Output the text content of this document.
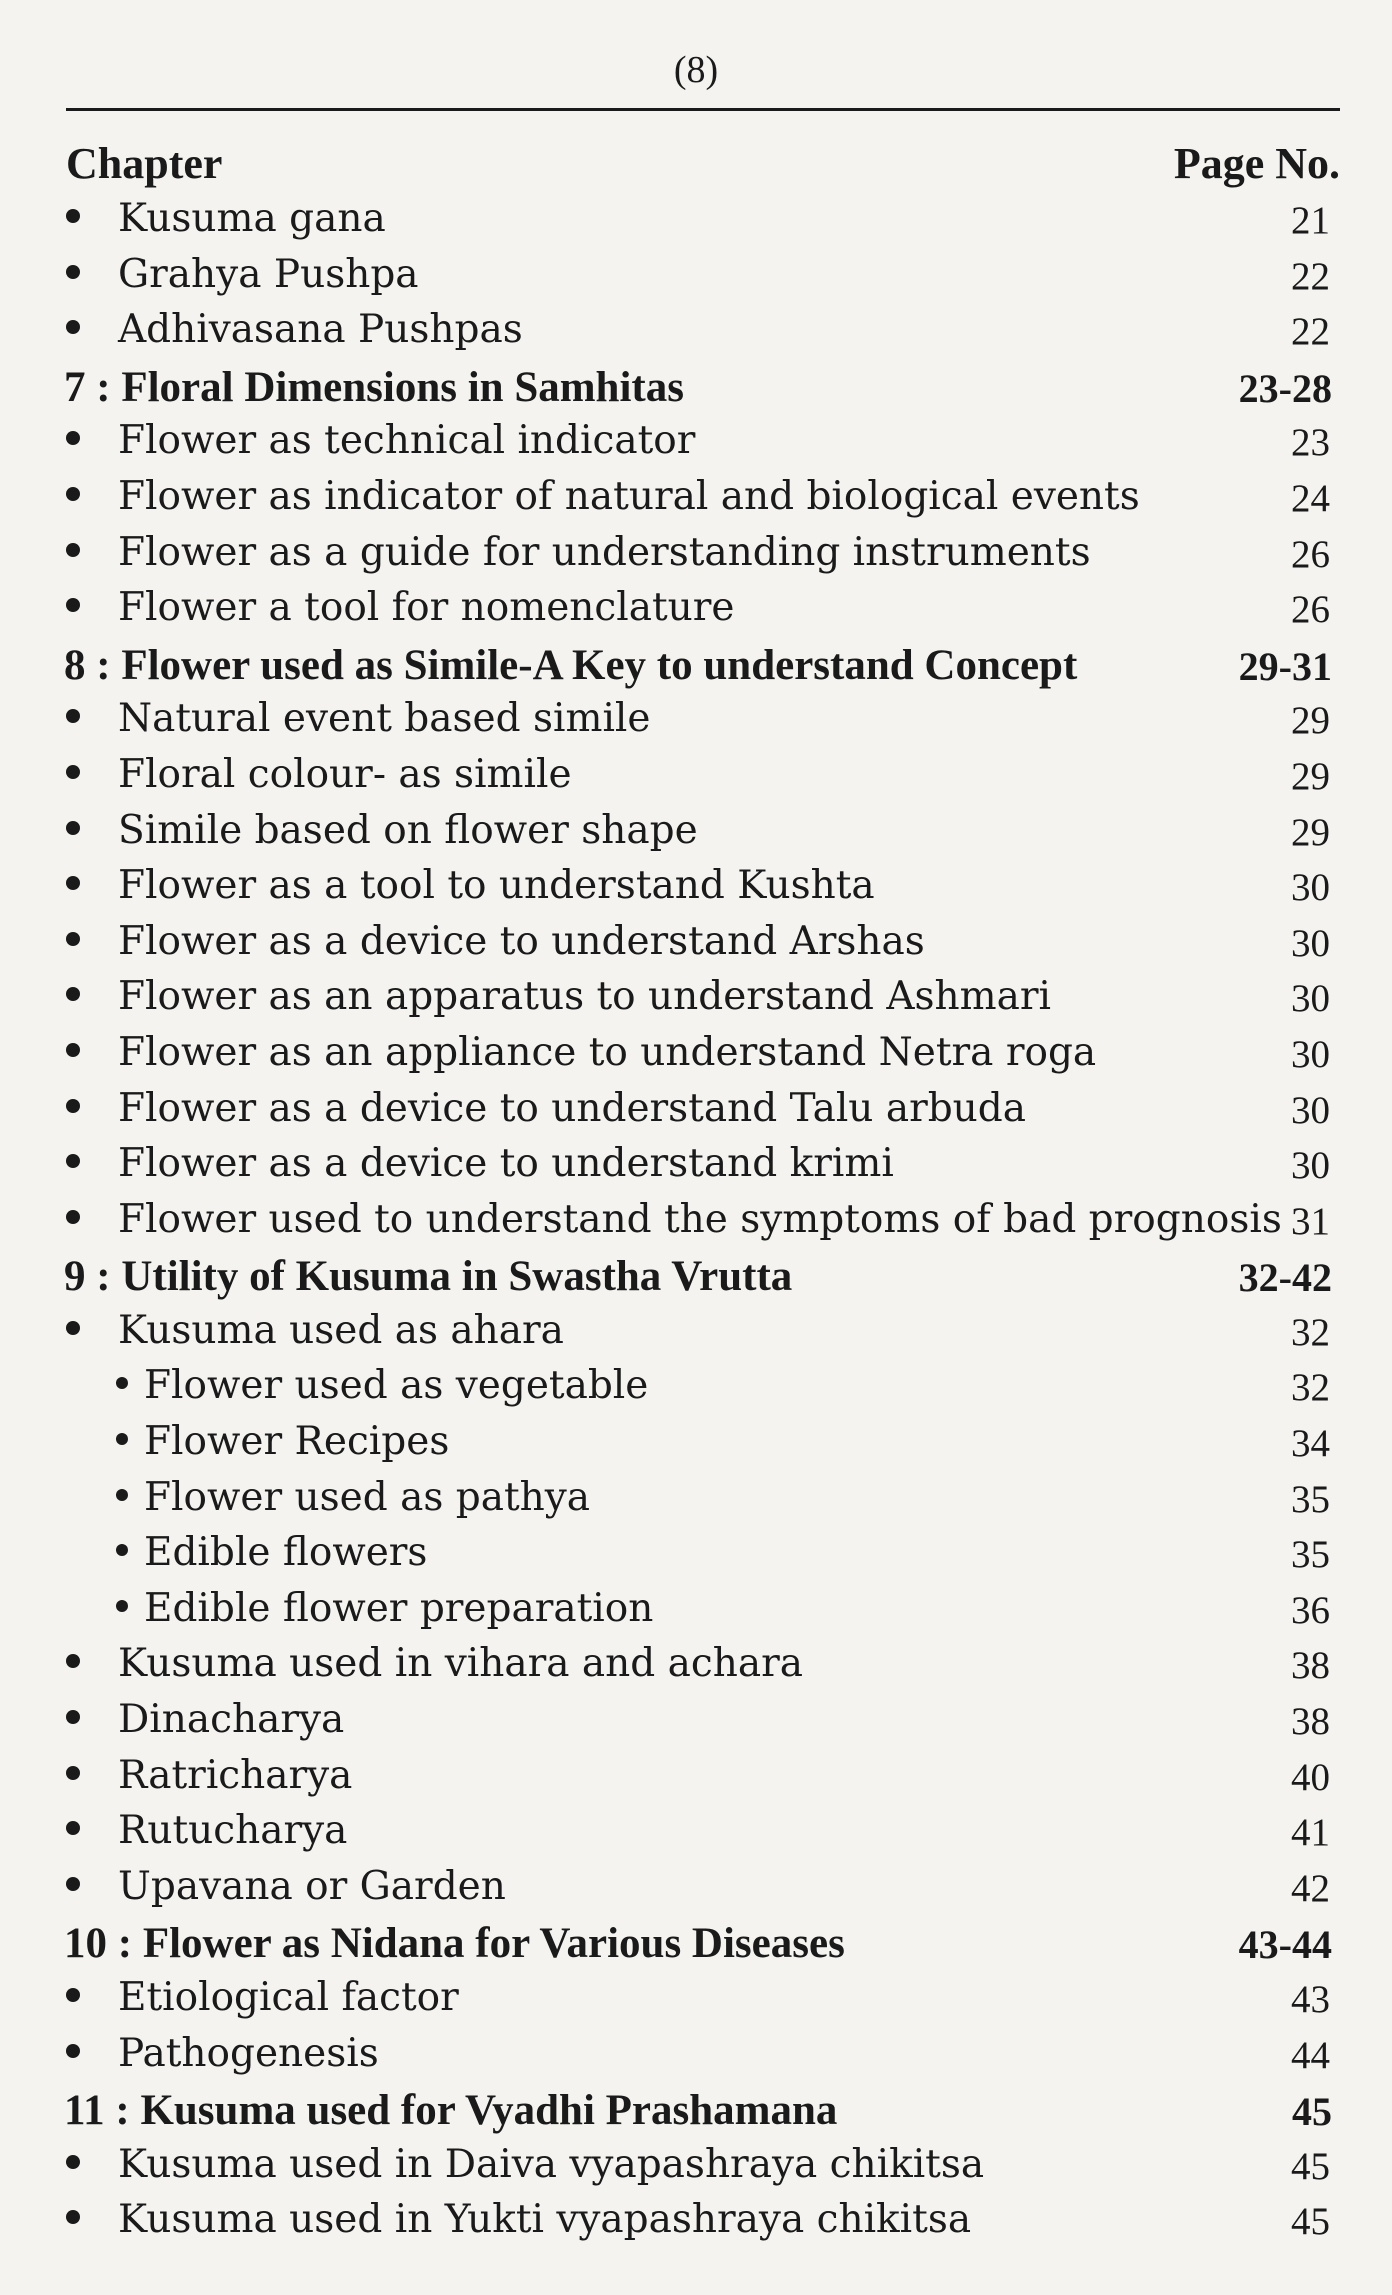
(8)
Chapter	Page No.
Kusuma gana	21
Grahya Pushpa	22
Adhivasana Pushpas	22
7 : Floral Dimensions in Samhitas	23-28
Flower as technical indicator	23
Flower as indicator of natural and biological events	24
Flower as a guide for understanding instruments	26
Flower a tool for nomenclature	26
8 : Flower used as Simile-A Key to understand Concept	29-31
Natural event based simile	29
Floral colour- as simile	29
Simile based on flower shape	29
Flower as a tool to understand Kushta	30
Flower as a device to understand Arshas	30
Flower as an apparatus to understand Ashmari	30
Flower as an appliance to understand Netra roga	30
Flower as a device to understand Talu arbuda	30
Flower as a device to understand krimi	30
Flower used to understand the symptoms of bad prognosis 31
9 : Utility of Kusuma in Swastha Vrutta	32-42
Kusuma used as ahara	32
Flower used as vegetable	32
Flower Recipes	34
Flower used as pathya	35
Edible flowers	35
Edible flower preparation	36
Kusuma used in vihara and achara	38
Dinacharya	38
Ratricharya	40
Rutucharya	41
Upavana or Garden	42
10 : Flower as Nidana for Various Diseases	43-44
Etiological factor	43
Pathogenesis	44
11 : Kusuma used for Vyadhi Prashamana	45
Kusuma used in Daiva vyapashraya chikitsa	45
Kusuma used in Yukti vyapashraya chikitsa	45
